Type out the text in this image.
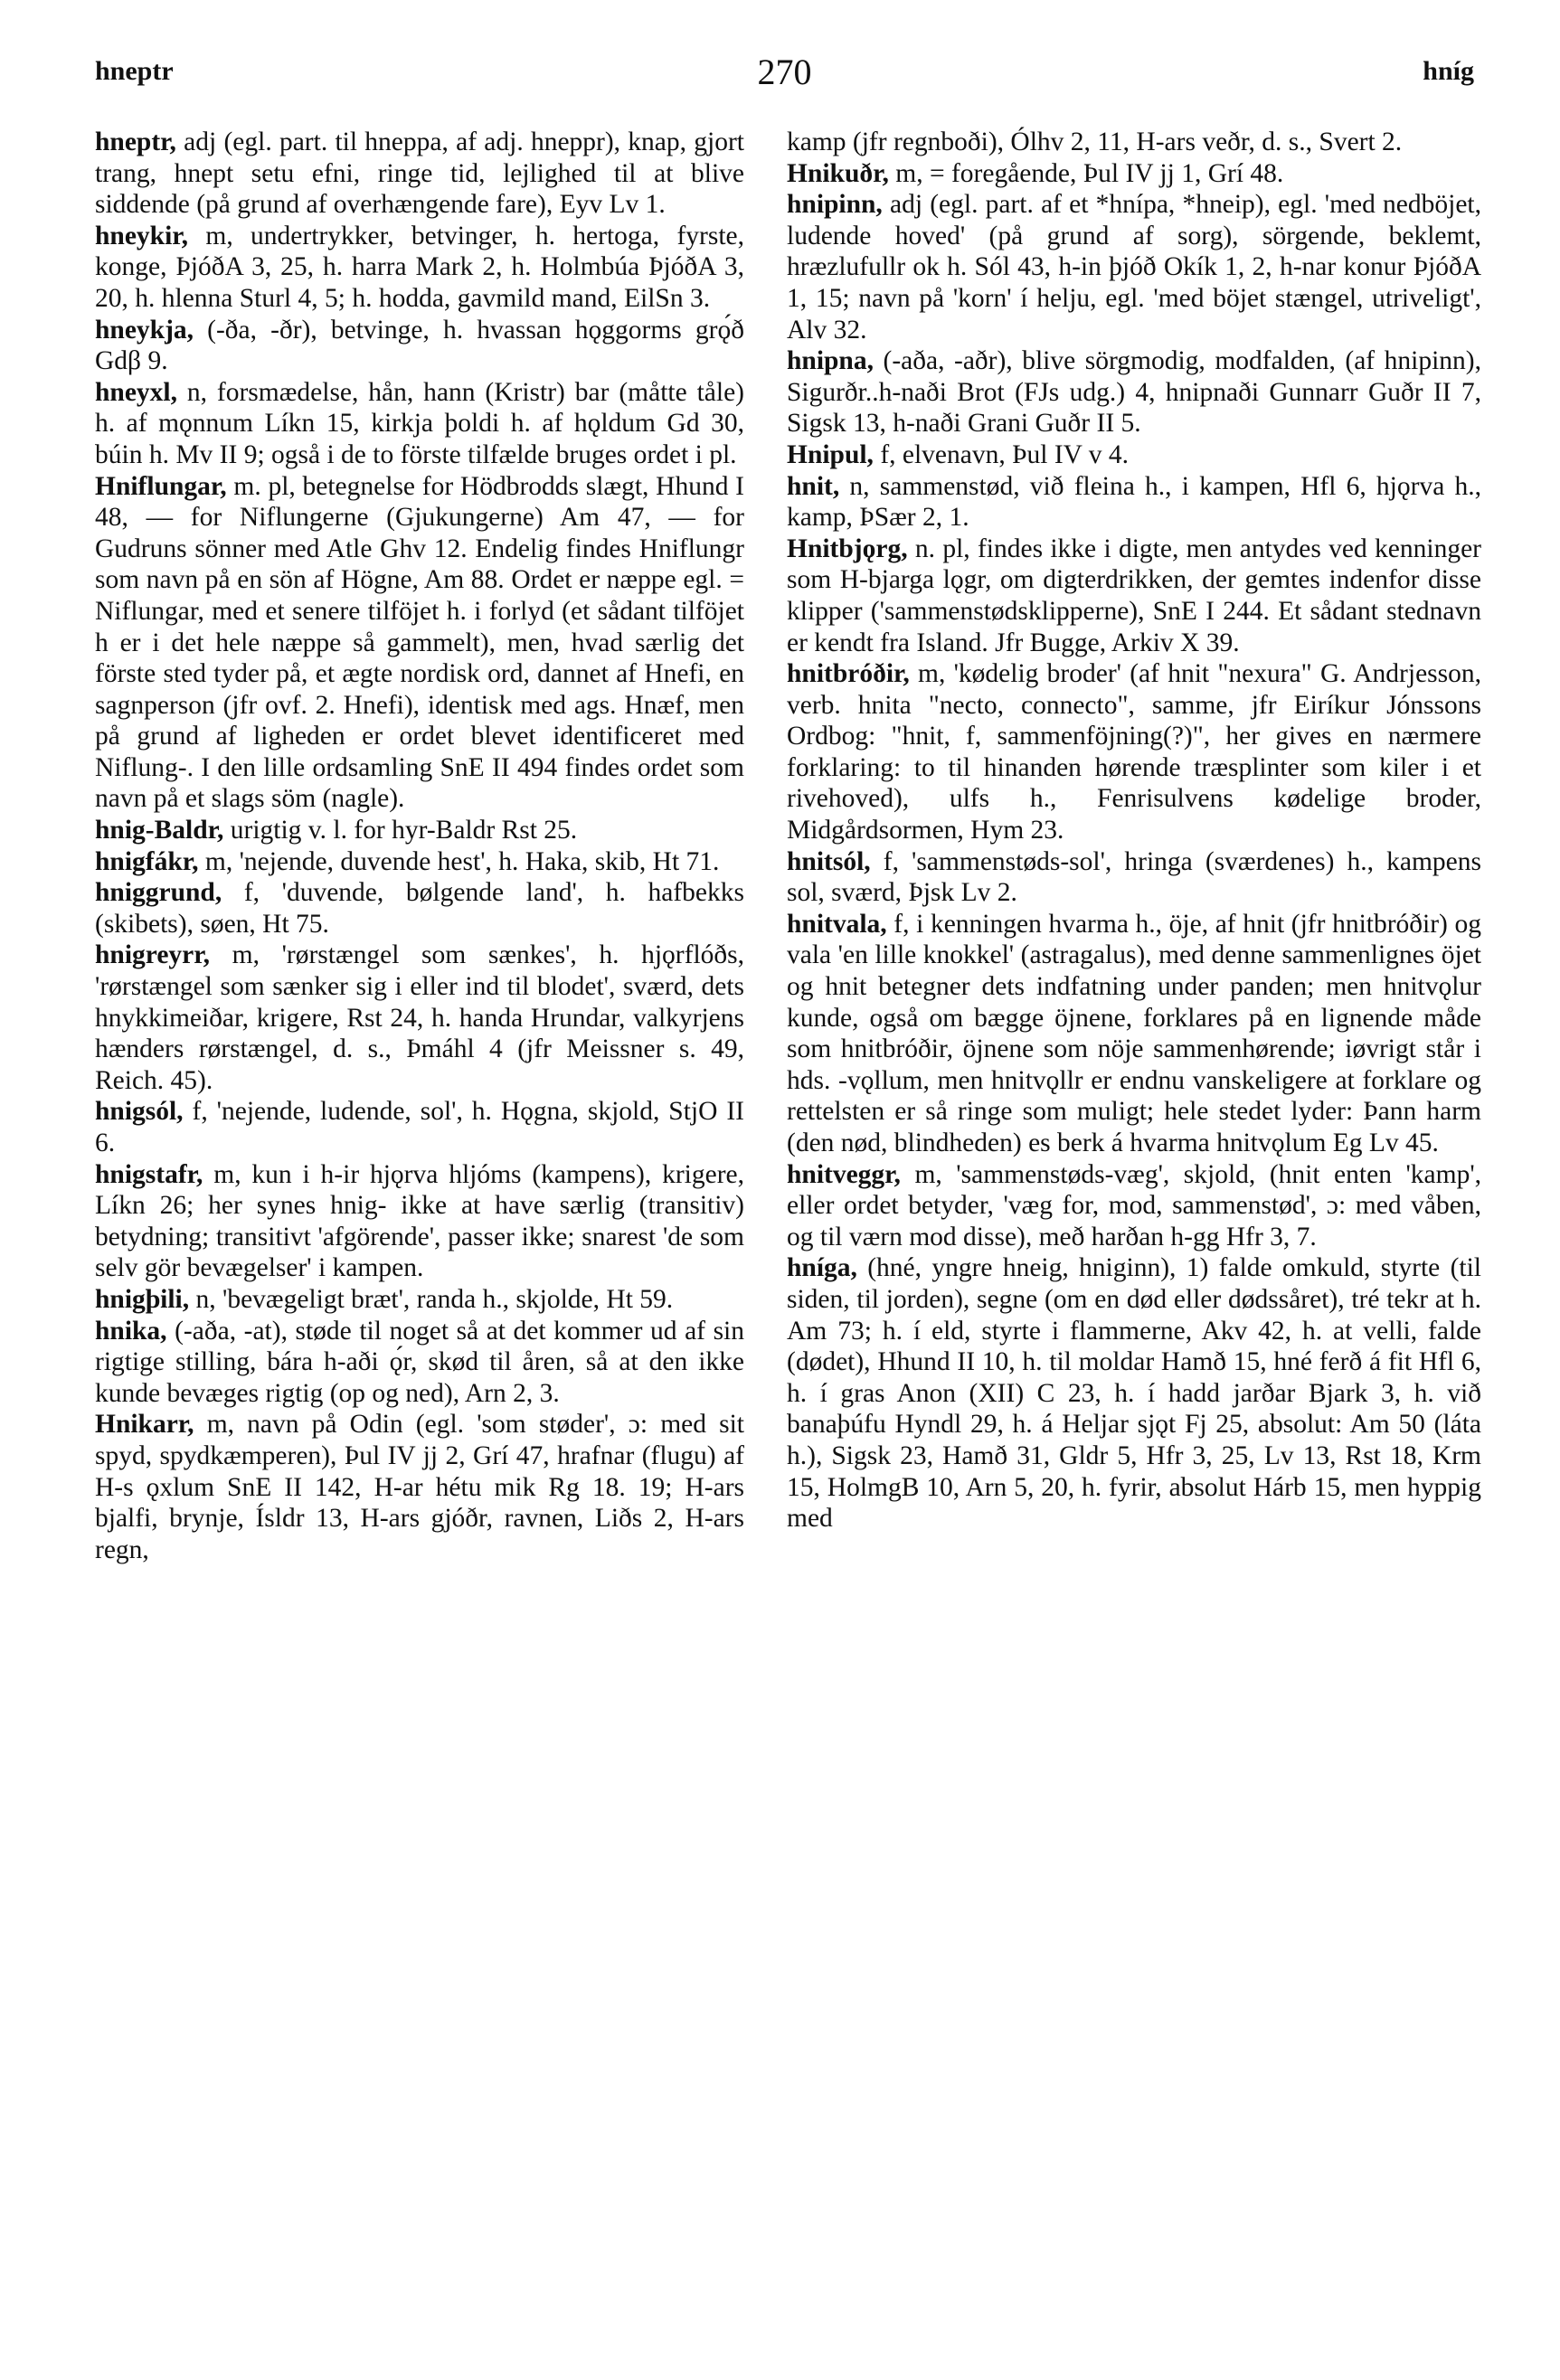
hneptr	270	hníg

hneptr, adj (egl. part. til hneppa, af adj. hneppr), knap, gjort trang, hnept setu efni, ringe tid, lejlighed til at blive siddende (på grund af overhængende fare), Eyv Lv 1.

hneykir, m, undertrykker, betvinger, h. hertoga, fyrste, konge, ÞjóðA 3, 25, h. harra Mark 2, h. Holmbúa ÞjóðA 3, 20, h. hlenna Sturl 4, 5; h. hodda, gavmild mand, EilSn 3.

hneykja, (-ða, -ðr), betvinge, h. hvassan hǫggorms grǫ́ð Gdβ 9.

hneyxl, n, forsmædelse, hån, hann (Kristr) bar (måtte tåle) h. af mǫnnum Líkn 15, kirkja þoldi h. af hǫldum Gd 30, búin h. Mv II 9; også i de to förste tilfælde bruges ordet i pl.

Hniflungar, m. pl, betegnelse for Hödbrodds slægt, Hhund I 48, — for Niflungerne (Gjukungerne) Am 47, — for Gudruns sönner med Atle Ghv 12. Endelig findes Hniflungr som navn på en sön af Högne, Am 88. Ordet er næppe egl. = Niflungar, med et senere tilföjet h. i forlyd (et sådant tilföjet h er i det hele næppe så gammelt), men, hvad særlig det förste sted tyder på, et ægte nordisk ord, dannet af Hnefi, en sagnperson (jfr ovf. 2. Hnefi), identisk med ags. Hnæf, men på grund af ligheden er ordet blevet identificeret med Niflung-. I den lille ordsamling SnE II 494 findes ordet som navn på et slags söm (nagle).

hnig-Baldr, urigtig v. l. for hyr-Baldr Rst 25.

hnigfákr, m, 'nejende, duvende hest', h. Haka, skib, Ht 71.

hniggrund, f, 'duvende, bølgende land', h. hafbekks (skibets), søen, Ht 75.

hnigreyrr, m, 'rørstængel som sænkes', h. hjǫrflóðs, 'rørstængel som sænker sig i eller ind til blodet', sværd, dets hnykkimeiðar, krigere, Rst 24, h. handa Hrundar, valkyrjens hænders rørstængel, d. s., Þmáhl 4 (jfr Meissner s. 49, Reich. 45).

hnigsól, f, 'nejende, ludende, sol', h. Hǫgna, skjold, StjO II 6.

hnigstafr, m, kun i h-ir hjǫrva hljóms (kampens), krigere, Líkn 26; her synes hnig- ikke at have særlig (transitiv) betydning; transitivt 'afgörende', passer ikke; snarest 'de som selv gör bevægelser' i kampen.

hnigþili, n, 'bevægeligt bræt', randa h., skjolde, Ht 59.

hnika, (-aða, -at), støde til noget så at det kommer ud af sin rigtige stilling, bára h-aði ǫ́r, skød til åren, så at den ikke kunde bevæges rigtig (op og ned), Arn 2, 3.

Hnikarr, m, navn på Odin (egl. 'som støder', ɔ: med sit spyd, spydkæmperen), Þul IV jj 2, Grí 47, hrafnar (flugu) af H-s ǫxlum SnE II 142, H-ar hétu mik Rg 18. 19; H-ars bjalfi, brynje, Ísldr 13, H-ars gjóðr, ravnen, Liðs 2, H-ars regn,

kamp (jfr regnboði), Ólhv 2, 11, H-ars veðr, d. s., Svert 2.

Hnikuðr, m, = foregående, Þul IV jj 1, Grí 48.

hnipinn, adj (egl. part. af et *hnípa, *hneip), egl. 'med nedböjet, ludende hoved' (på grund af sorg), sörgende, beklemt, hræzlufullr ok h. Sól 43, h-in þjóð Okík 1, 2, h-nar konur ÞjóðA 1, 15; navn på 'korn' í helju, egl. 'med böjet stængel, utriveligt', Alv 32.

hnipna, (-aða, -aðr), blive sörgmodig, modfalden, (af hnipinn), Sigurðr..h-naði Brot (FJs udg.) 4, hnipnaði Gunnarr Guðr II 7, Sigsk 13, h-naði Grani Guðr II 5.

Hnipul, f, elvenavn, Þul IV v 4.

hnit, n, sammenstød, við fleina h., i kampen, Hfl 6, hjǫrva h., kamp, ÞSær 2, 1.

Hnitbjǫrg, n. pl, findes ikke i digte, men antydes ved kenninger som H-bjarga lǫgr, om digterdrikken, der gemtes indenfor disse klipper ('sammenstødsklipperne), SnE I 244. Et sådant stednavn er kendt fra Island. Jfr Bugge, Arkiv X 39.

hnitbróðir, m, 'kødelig broder' (af hnit "nexura" G. Andrjesson, verb. hnita "necto, connecto", samme, jfr Eiríkur Jónssons Ordbog: "hnit, f, sammenföjning(?)", her gives en nærmere forklaring: to til hinanden hørende træsplinter som kiler i et rivehoved), ulfs h., Fenrisulvens kødelige broder, Midgårdsormen, Hym 23.

hnitsól, f, 'sammenstøds-sol', hringa (sværdenes) h., kampens sol, sværd, Þjsk Lv 2.

hnitvala, f, i kenningen hvarma h., öje, af hnit (jfr hnitbróðir) og vala 'en lille knokkel' (astragalus), med denne sammenlignes öjet og hnit betegner dets indfatning under panden; men hnitvǫlur kunde, også om bægge öjnene, forklares på en lignende måde som hnitbróðir, öjnene som nöje sammenhørende; iøvrigt står i hds. -vǫllum, men hnitvǫllr er endnu vanskeligere at forklare og rettelsten er så ringe som muligt; hele stedet lyder: Þann harm (den nød, blindheden) es berk á hvarma hnitvǫlum Eg Lv 45.

hnitveggr, m, 'sammenstøds-væg', skjold, (hnit enten 'kamp', eller ordet betyder, 'væg for, mod, sammenstød', ɔ: med våben, og til værn mod disse), með harðan h-gg Hfr 3, 7.

hníga, (hné, yngre hneig, hniginn), 1) falde omkuld, styrte (til siden, til jorden), segne (om en død eller dødssåret), tré tekr at h. Am 73; h. í eld, styrte i flammerne, Akv 42, h. at velli, falde (dødet), Hhund II 10, h. til moldar Hamð 15, hné ferð á fit Hfl 6, h. í gras Anon (XII) C 23, h. í hadd jarðar Bjark 3, h. við banaþúfu Hyndl 29, h. á Heljar sjǫt Fj 25, absolut: Am 50 (láta h.), Sigsk 23, Hamð 31, Gldr 5, Hfr 3, 25, Lv 13, Rst 18, Krm 15, HolmgB 10, Arn 5, 20, h. fyrir, absolut Hárb 15, men hyppig med
